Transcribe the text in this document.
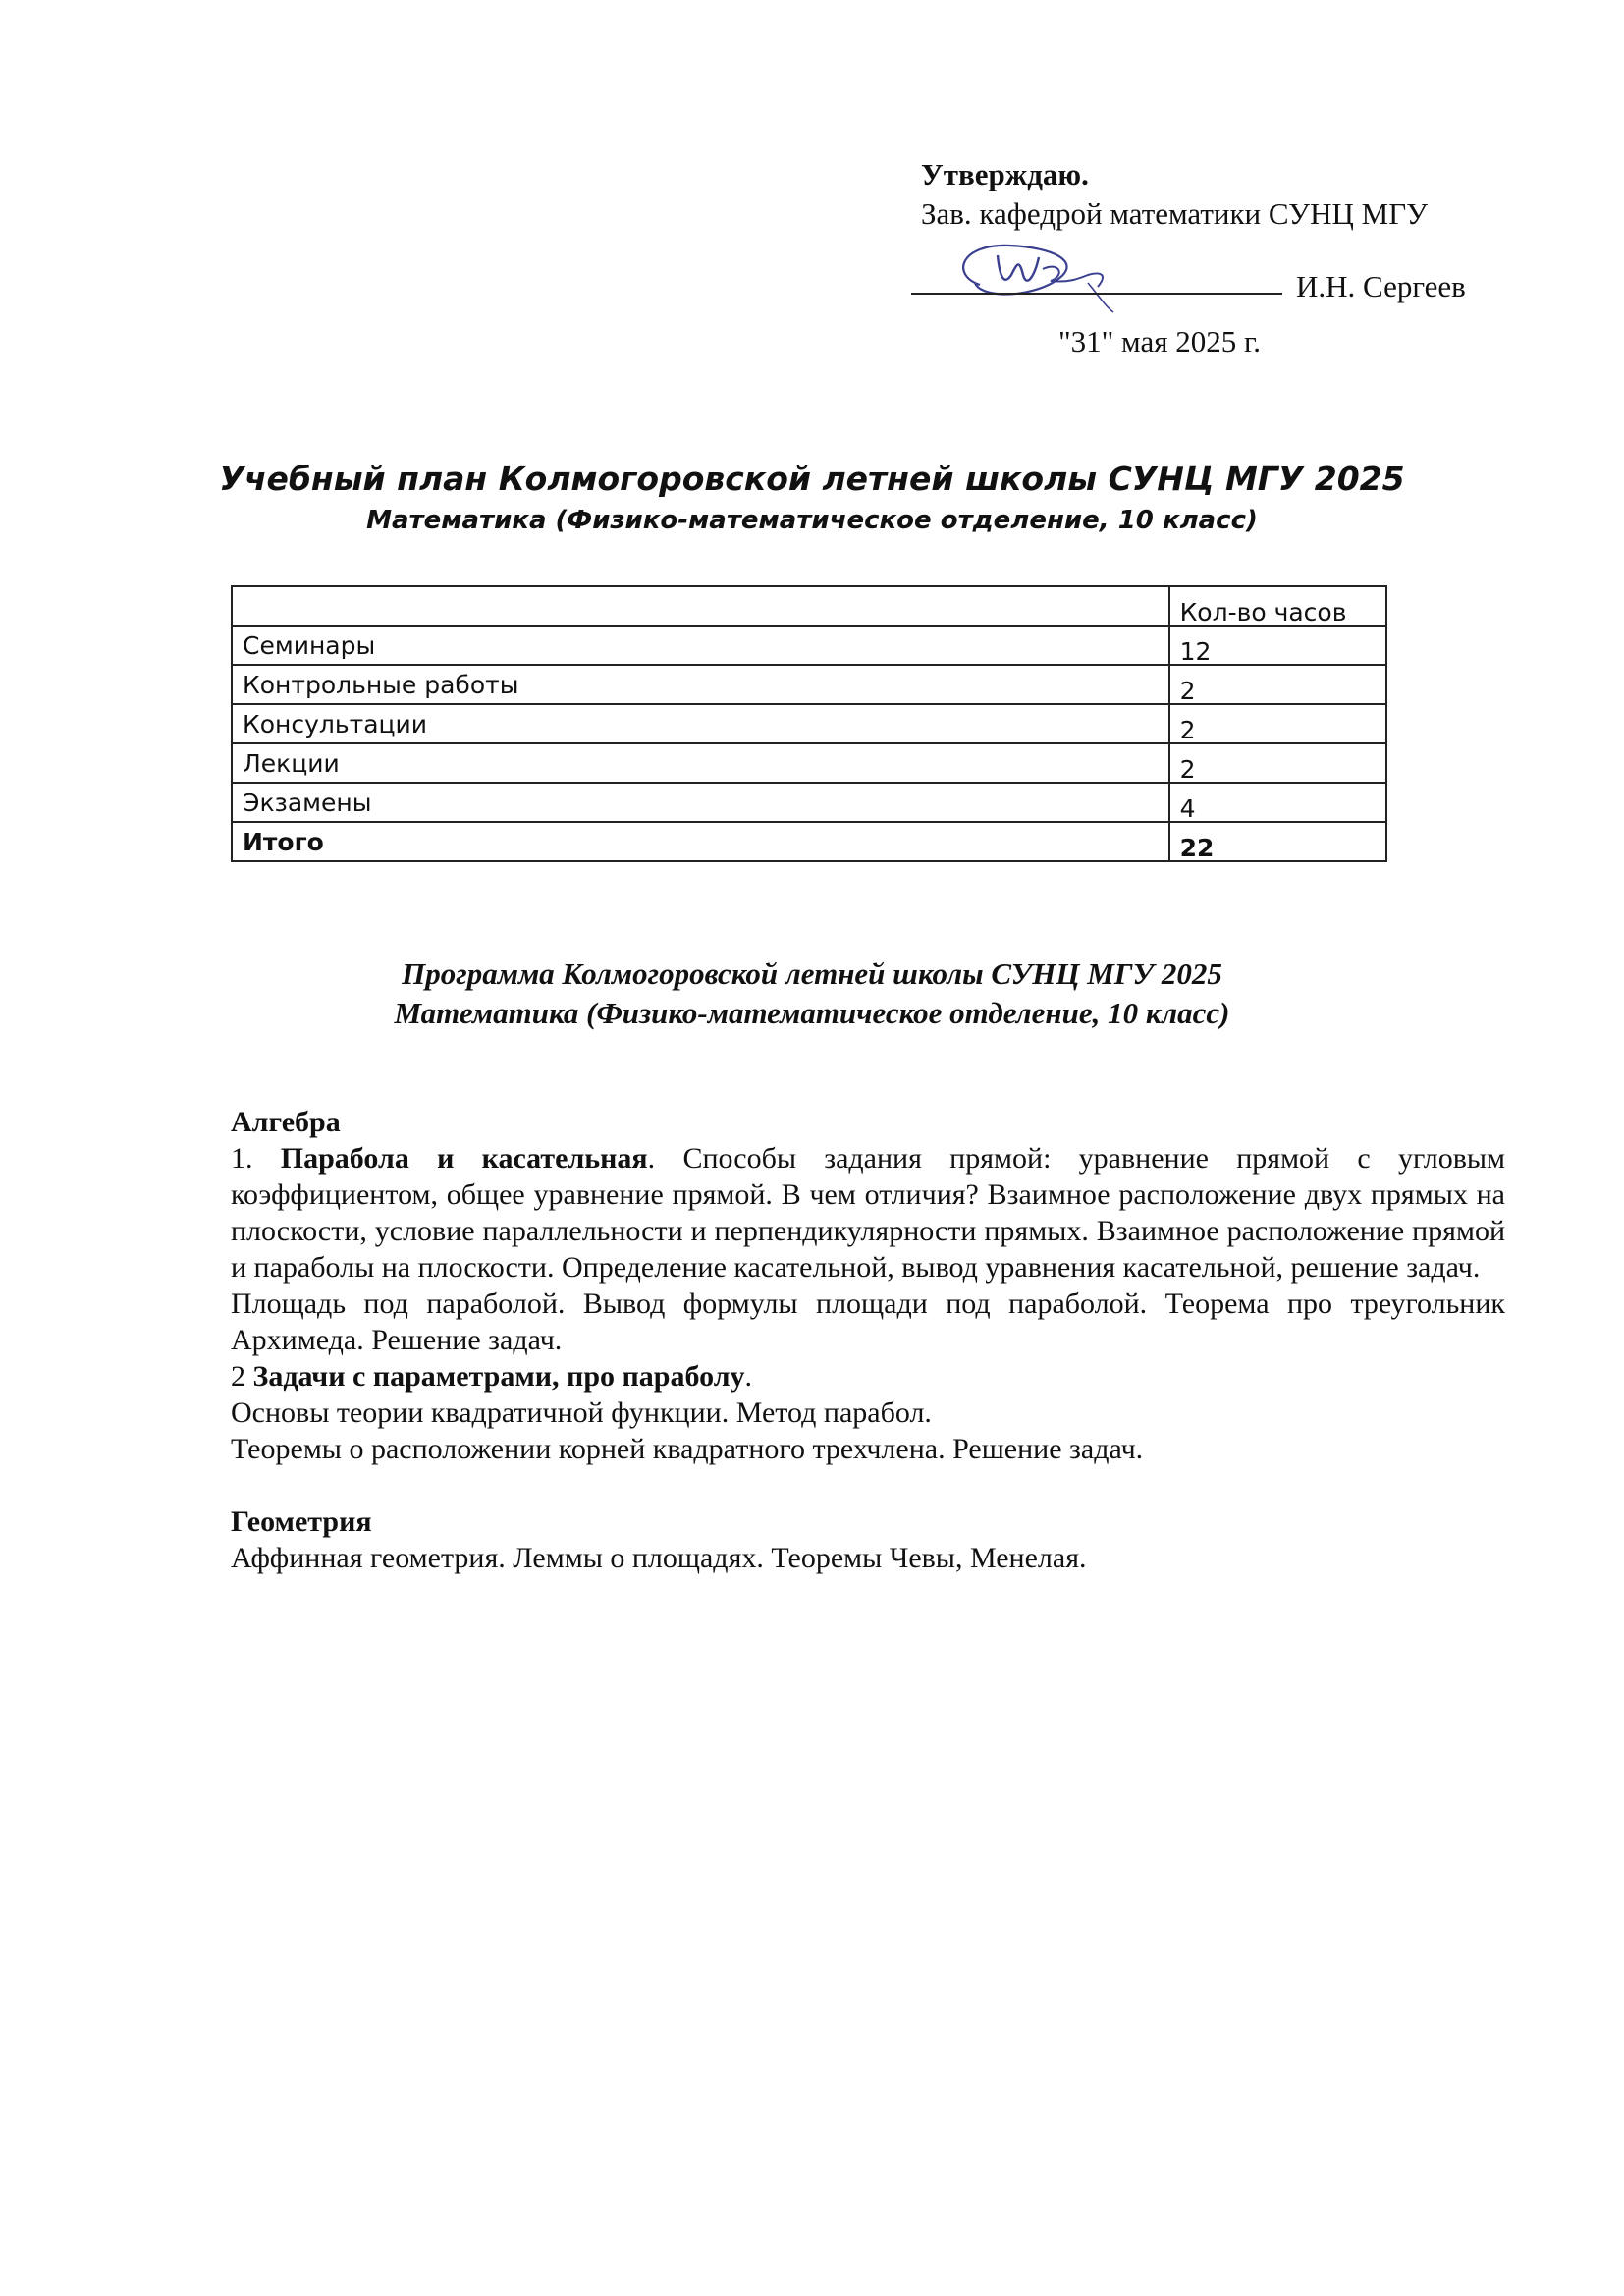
Утверждаю.
Зав. кафедрой математики СУНЦ МГУ
И.Н. Сергеев
"31" мая 2025 г.
Учебный план Колмогоровской летней школы СУНЦ МГУ 2025
Математика (Физико-математическое отделение, 10 класс)
	Кол-во часов
Семинары	12
Контрольные работы	2
Консультации	2
Лекции	2
Экзамены	4
Итого	22
Программа Колмогоровской летней школы СУНЦ МГУ 2025
Математика (Физико-математическое отделение, 10 класс)

Алгебра

1. Парабола и касательная. Способы задания прямой: уравнение прямой с угловым коэффициентом, общее уравнение прямой. В чем отличия? Взаимное расположение двух прямых на плоскости, условие параллельности и перпендикулярности прямых. Взаимное расположение прямой и параболы на плоскости. Определение касательной, вывод уравнения касательной, решение задач.

Площадь под параболой. Вывод формулы площади под параболой. Теорема про треугольник Архимеда. Решение задач.

2 Задачи с параметрами, про параболу.

Основы теории квадратичной функции. Метод парабол.

Теоремы о расположении корней квадратного трехчлена. Решение задач.

Геометрия

Аффинная геометрия. Леммы о площадях. Теоремы Чевы, Менелая.
